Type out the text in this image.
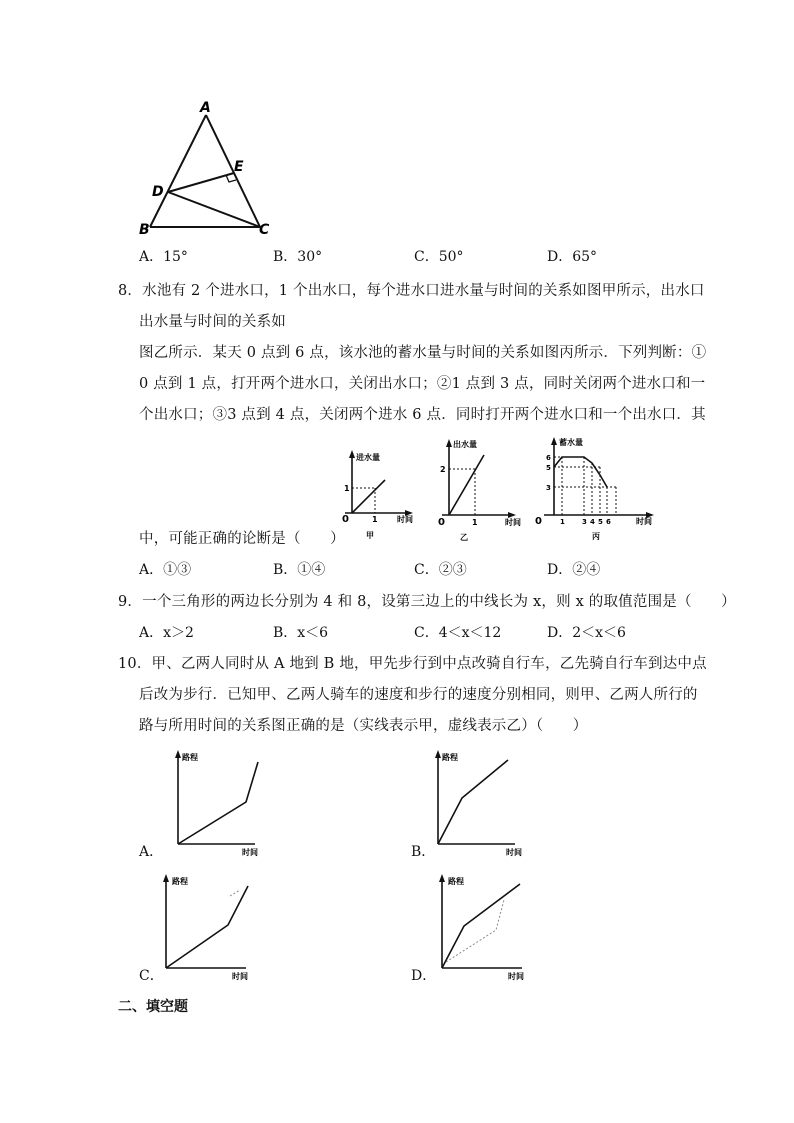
A
E
D
B	C
A．15°	B．30°	C．50°	D．65°
8．水池有 2 个进水口，1 个出水口，每个进水口进水量与时间的关系如图甲所示，出水口
出水量与时间的关系如
图乙所示．某天 0 点到 6 点，该水池的蓄水量与时间的关系如图丙所示．下列判断：①
0 点到 1 点，打开两个进水口，关闭出水口；②1 点到 3 点，同时关闭两个进水口和一
个出水口；③3 点到 4 点，关闭两个进水 6 点．同时打开两个进水口和一个出水口．其
进水量
1
0	1 时间
甲
出水量
2
0	1	时间
乙
蓄水量
6
5
3
0	1 3 4 5 6	时间
丙
中，可能正确的论断是（　　）
A．①③	B．①④	C．②③	D．②④
9．一个三角形的两边长分别为 4 和 8，设第三边上的中线长为 x，则 x 的取值范围是（　　）
A．x＞2	B．x＜6	C．4＜x＜12	D．2＜x＜6
10．甲、乙两人同时从 A 地到 B 地，甲先步行到中点改骑自行车，乙先骑自行车到达中点
后改为步行．已知甲、乙两人骑车的速度和步行的速度分别相同，则甲、乙两人所行的
路与所用时间的关系图正确的是（实线表示甲，虚线表示乙）（　　）
路程
时间
A．
路程
时间
B．
路程
时间
C．
路程
时间
D．
二、填空题
